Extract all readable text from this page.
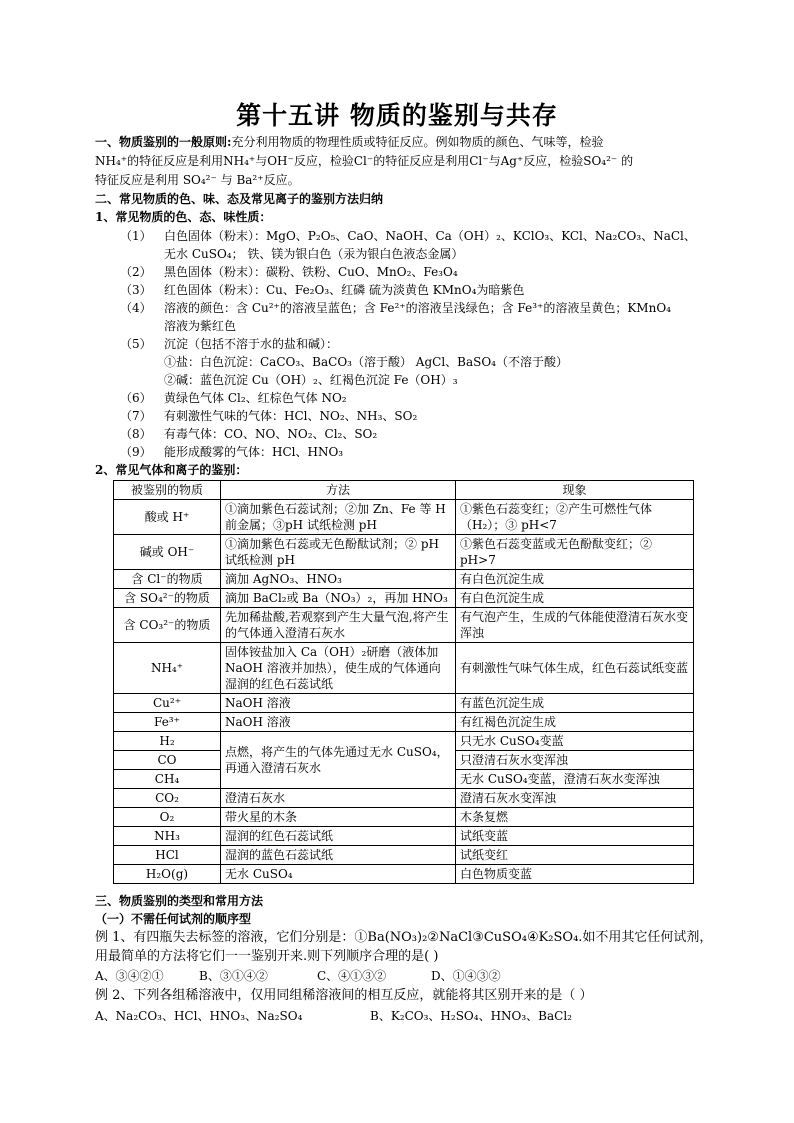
第十五讲 物质的鉴别与共存
一、物质鉴别的一般原则:充分利用物质的物理性质或特征反应。例如物质的颜色、气味等，检验
NH₄⁺的特征反应是利用NH₄⁺与OH⁻反应，检验Cl⁻的特征反应是利用Cl⁻与Ag⁺反应，检验SO₄²⁻ 的
特征反应是利用 SO₄²⁻ 与 Ba²⁺反应。
二、常见物质的色、味、态及常见离子的鉴别方法归纳
1、常见物质的色、态、味性质：
（1） 白色固体（粉末）：MgO、P₂O₅、CaO、NaOH、Ca（OH）₂、KClO₃、KCl、Na₂CO₃、NaCl、
无水 CuSO₄； 铁、镁为银白色（汞为银白色液态金属）
（2） 黑色固体（粉末）：碳粉、铁粉、CuO、MnO₂、Fe₃O₄
（3） 红色固体（粉末）：Cu、Fe₂O₃、红磷 硫为淡黄色 KMnO₄为暗紫色
（4） 溶液的颜色：含 Cu²⁺的溶液呈蓝色；含 Fe²⁺的溶液呈浅绿色；含 Fe³⁺的溶液呈黄色；KMnO₄
溶液为紫红色
（5） 沉淀（包括不溶于水的盐和碱）：
①盐：白色沉淀：CaCO₃、BaCO₃（溶于酸） AgCl、BaSO₄（不溶于酸）
②碱：蓝色沉淀 Cu（OH）₂、红褐色沉淀 Fe（OH）₃
（6） 黄绿色气体 Cl₂、红棕色气体 NO₂
（7） 有刺激性气味的气体：HCl、NO₂、NH₃、SO₂
（8） 有毒气体：CO、NO、NO₂、Cl₂、SO₂
（9） 能形成酸雾的气体：HCl、HNO₃
2、常见气体和离子的鉴别：
被鉴别的物质	方法	现象
酸或 H⁺	①滴加紫色石蕊试剂；②加 Zn、Fe 等 H 前金属；③pH 试纸检测 pH	①紫色石蕊变红；②产生可燃性气体（H₂）；③ pH<7
碱或 OH⁻	①滴加紫色石蕊或无色酚酞试剂；② pH 试纸检测 pH	①紫色石蕊变蓝或无色酚酞变红；② pH>7
含 Cl⁻的物质	滴加 AgNO₃、HNO₃	有白色沉淀生成
含 SO₄²⁻的物质	滴加 BaCl₂或 Ba（NO₃）₂，再加 HNO₃	有白色沉淀生成
含 CO₃²⁻的物质	先加稀盐酸,若观察到产生大量气泡,将产生的气体通入澄清石灰水	有气泡产生，生成的气体能使澄清石灰水变浑浊
NH₄⁺	固体铵盐加入 Ca（OH）₂研磨（液体加 NaOH 溶液并加热），使生成的气体通向湿润的红色石蕊试纸	有刺激性气味气体生成，红色石蕊试纸变蓝
Cu²⁺	NaOH 溶液	有蓝色沉淀生成
Fe³⁺	NaOH 溶液	有红褐色沉淀生成
H₂	点燃，将产生的气体先通过无水 CuSO₄，再通入澄清石灰水	只无水 CuSO₄变蓝
CO		只澄清石灰水变浑浊
CH₄		无水 CuSO₄变蓝，澄清石灰水变浑浊
CO₂	澄清石灰水	澄清石灰水变浑浊
O₂	带火星的木条	木条复燃
NH₃	湿润的红色石蕊试纸	试纸变蓝
HCl	湿润的蓝色石蕊试纸	试纸变红
H₂O(g)	无水 CuSO₄	白色物质变蓝
三、物质鉴别的类型和常用方法
（一）不需任何试剂的顺序型
例 1、有四瓶失去标签的溶液，它们分别是：①Ba(NO₃)₂②NaCl③CuSO₄④K₂SO₄.如不用其它任何试剂，
用最简单的方法将它们一一鉴别开来.则下列顺序合理的是( )
A、③④②①	B、③①④②	C、④①③②	D、①④③②
例 2、下列各组稀溶液中，仅用同组稀溶液间的相互反应，就能将其区别开来的是（ ）
A、Na₂CO₃、HCl、HNO₃、Na₂SO₄	B、K₂CO₃、H₂SO₄、HNO₃、BaCl₂
